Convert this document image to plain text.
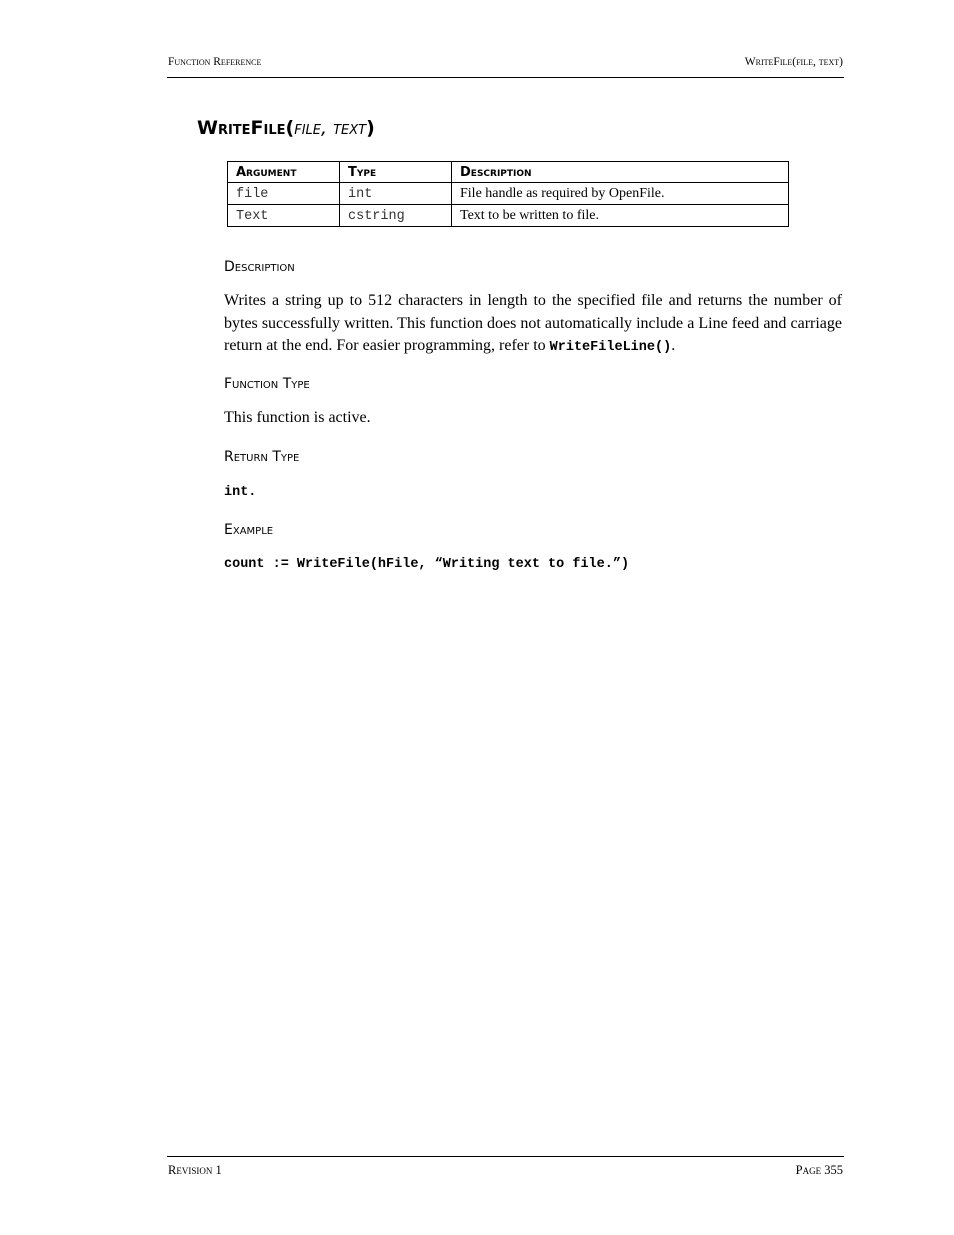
Function Reference	WriteFile(file, text)
WriteFile(file, text)
Argument	Type	Description
file	int	File handle as required by OpenFile.
Text	cstring	Text to be written to file.
Description
Writes a string up to 512 characters in length to the specified file and returns the number of bytes successfully written. This function does not automatically include a Line feed and carriage return at the end. For easier programming, refer to WriteFileLine().
Function Type
This function is active.
Return Type
int.
Example
count := WriteFile(hFile, “Writing text to file.”)
Revision 1	Page 355
